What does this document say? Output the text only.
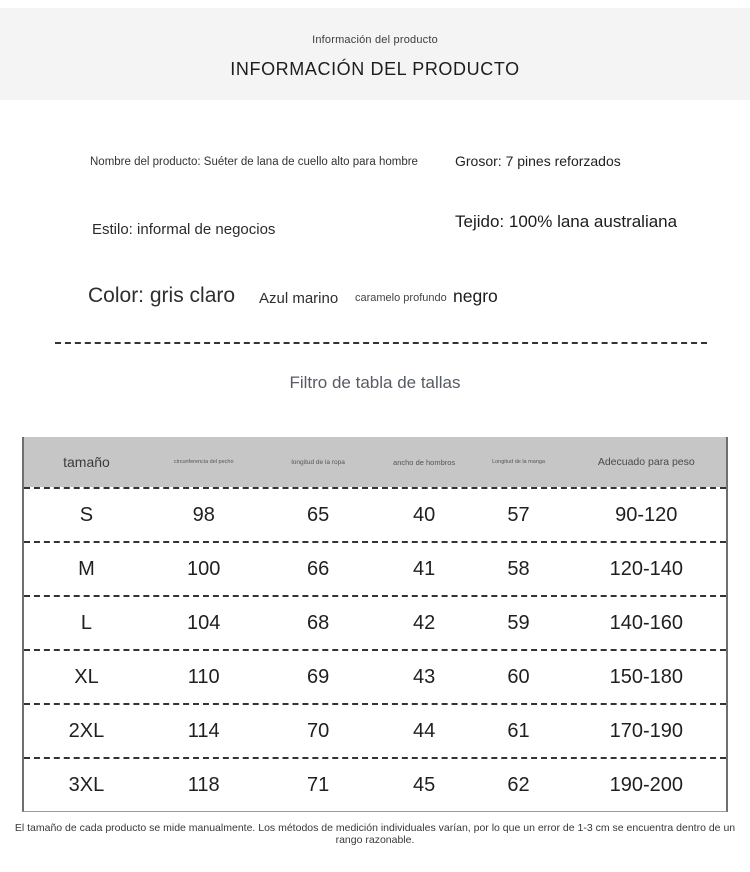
Información del producto
INFORMACIÓN DEL PRODUCTO
Nombre del producto: Suéter de lana de cuello alto para hombre	Grosor: 7 pines reforzados
Estilo: informal de negocios	Tejido: 100% lana australiana
Color: gris claro Azul marino caramelo profundo negro
Filtro de tabla de tallas
tamaño	circunferencia del pecho	longitud de la ropa	ancho de hombros	Longitud de la manga	Adecuado para peso
S	98	65	40	57	90-120
M	100	66	41	58	120-140
L	104	68	42	59	140-160
XL	110	69	43	60	150-180
2XL	114	70	44	61	170-190
3XL	118	71	45	62	190-200
El tamaño de cada producto se mide manualmente. Los métodos de medición individuales varían, por lo que un error de 1-3 cm se encuentra dentro de un rango razonable.
